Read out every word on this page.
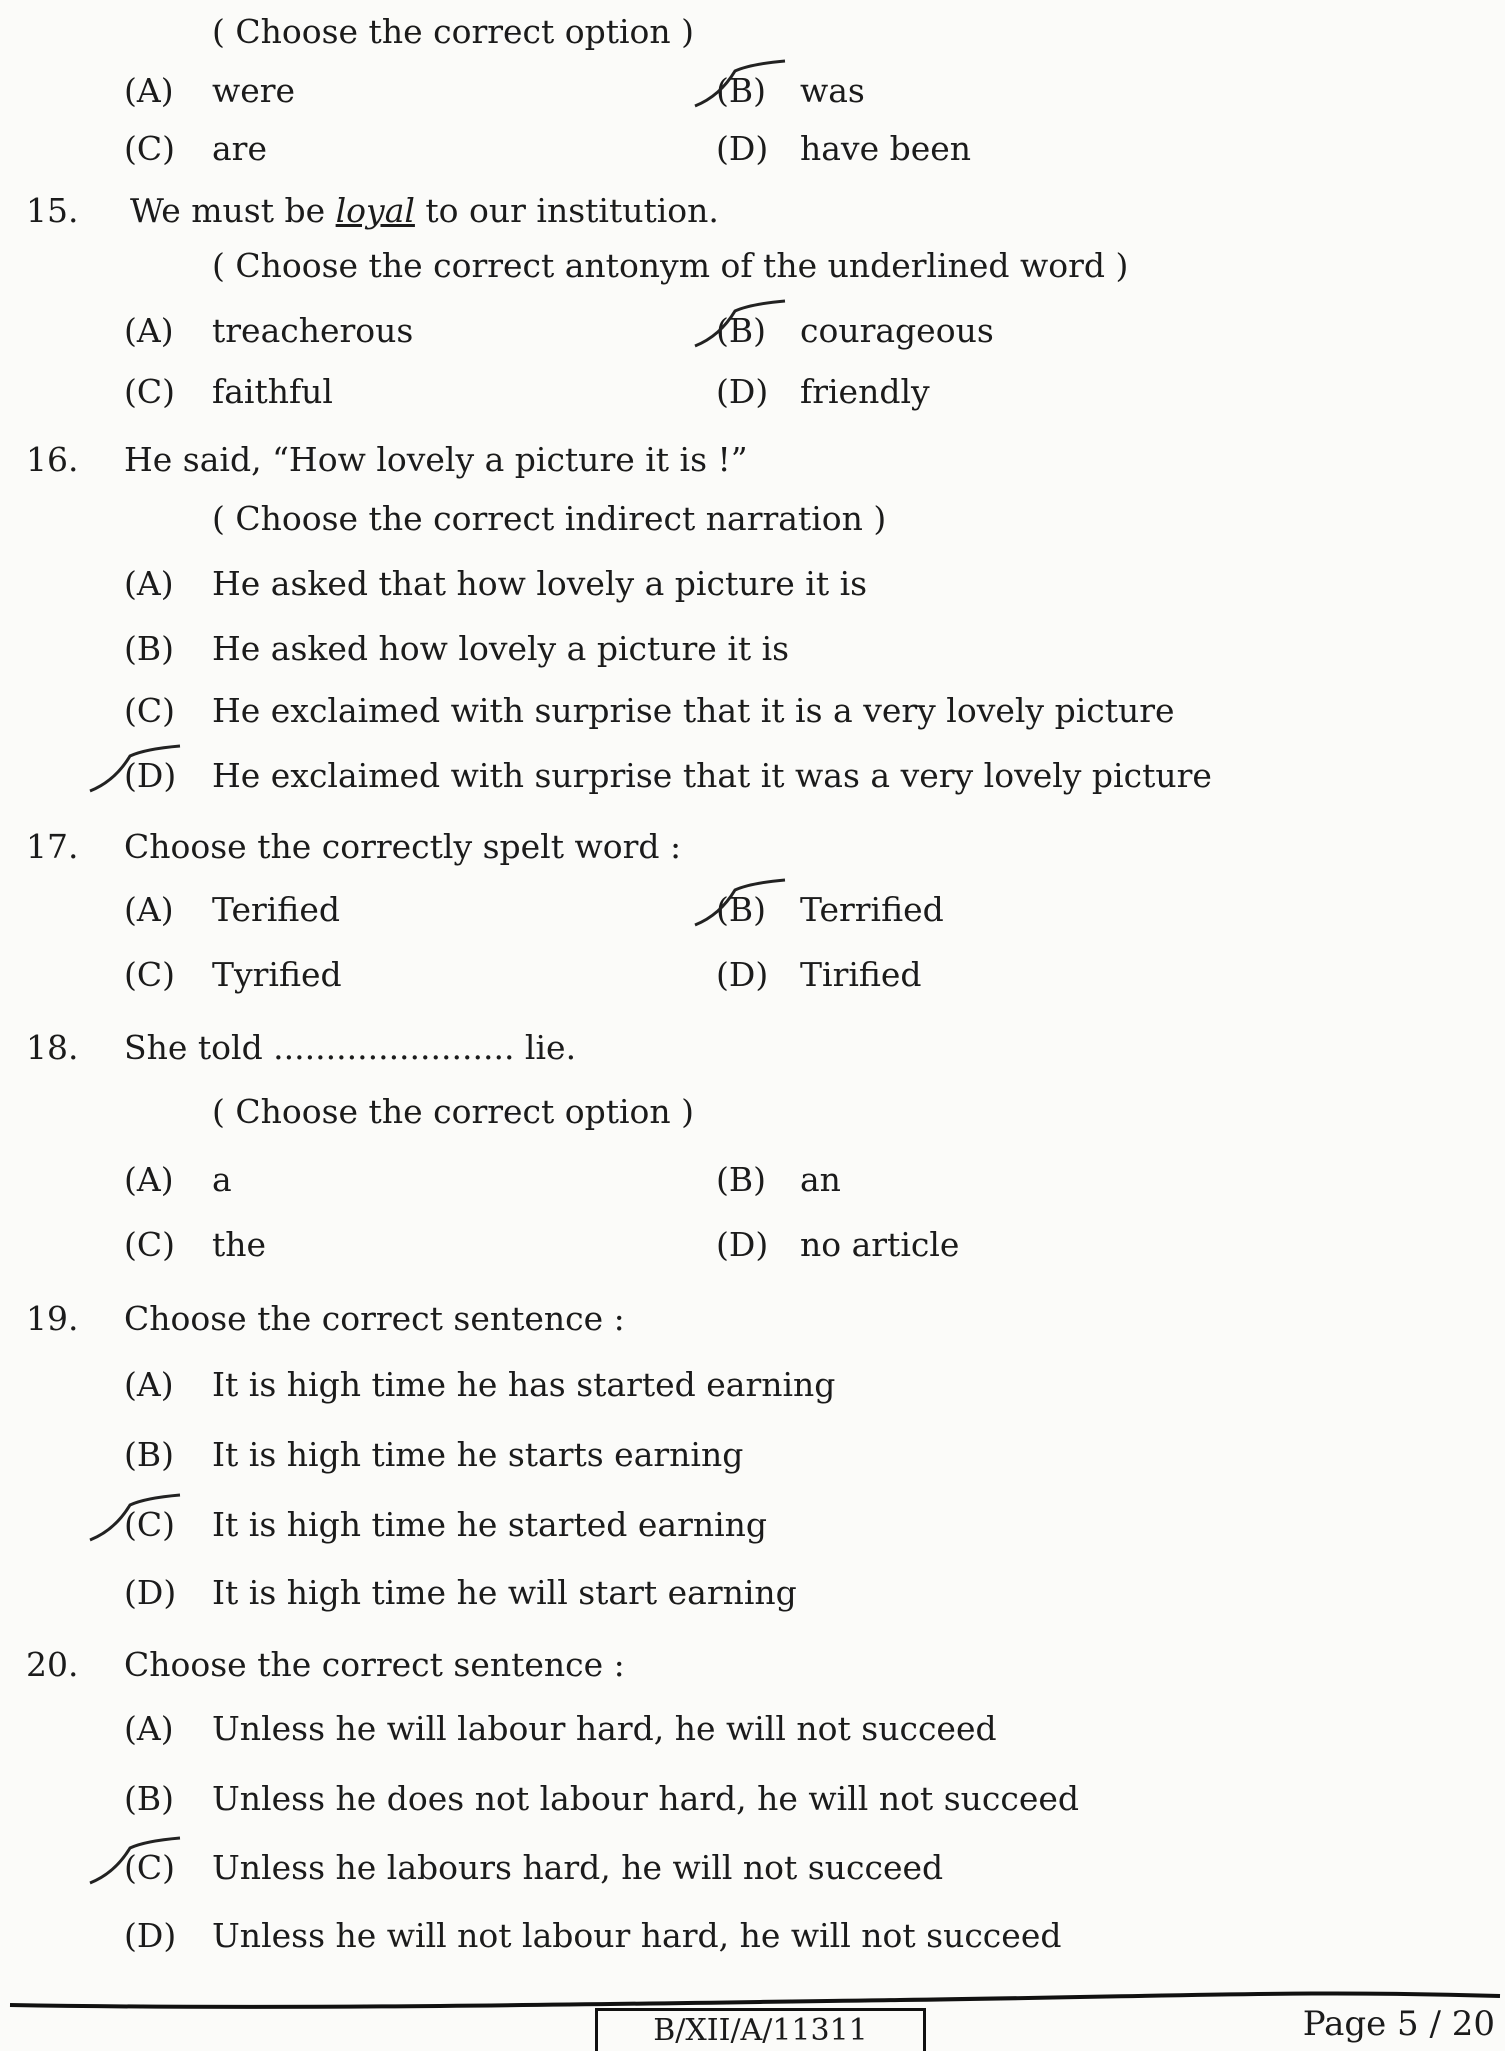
( Choose the correct option )
(A) were	(B) was
(C) are	(D) have been
15. We must be loyal to our institution.
( Choose the correct antonym of the underlined word )
(A) treacherous	(B) courageous
(C) faithful	(D) friendly
16. He said, “How lovely a picture it is !”
( Choose the correct indirect narration )
(A) He asked that how lovely a picture it is
(B) He asked how lovely a picture it is
(C) He exclaimed with surprise that it is a very lovely picture
(D) He exclaimed with surprise that it was a very lovely picture
17. Choose the correctly spelt word :
(A) Terified	(B) Terrified
(C) Tyrified	(D) Tirified
18. She told ....................... lie.
( Choose the correct option )
(A) a	(B) an
(C) the	(D) no article
19. Choose the correct sentence :
(A) It is high time he has started earning
(B) It is high time he starts earning
(C) It is high time he started earning
(D) It is high time he will start earning
20. Choose the correct sentence :
(A) Unless he will labour hard, he will not succeed
(B) Unless he does not labour hard, he will not succeed
(C) Unless he labours hard, he will not succeed
(D) Unless he will not labour hard, he will not succeed
B/XII/A/11311	Page 5 / 20
